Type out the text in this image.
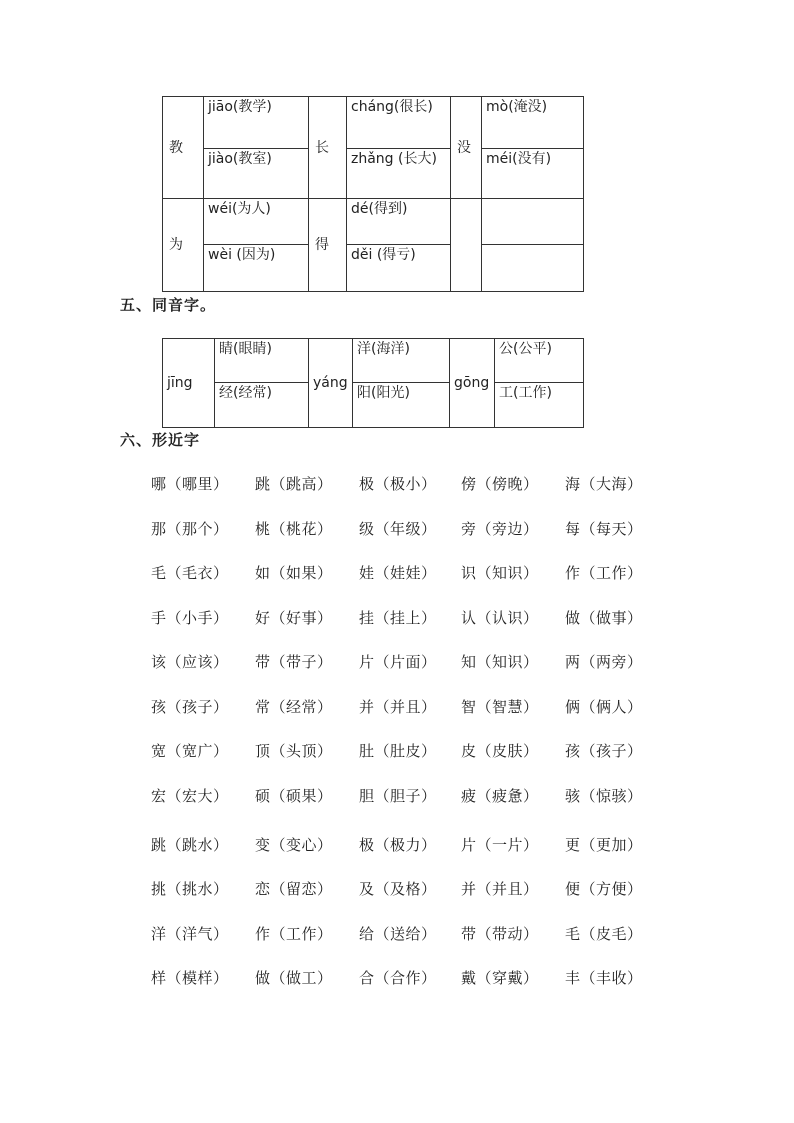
教	jiāo(教学)	长	cháng(很长)	没	mò(淹没)
	jiào(教室)		zhǎng (长大)		méi(没有)
为	wéi(为人)	得	dé(得到)		
	wèi (因为)		děi (得亏)		
五、同音字。
jīng	睛(眼睛)	yáng	洋(海洋)	gōng	公(公平)
	经(经常)		阳(阳光)		工(工作)
六、形近字
哪（哪里） 跳（跳高） 极（极小） 傍（傍晚） 海（大海）
那（那个） 桃（桃花） 级（年级） 旁（旁边） 每（每天）
毛（毛衣） 如（如果） 娃（娃娃） 识（知识） 作（工作）
手（小手） 好（好事） 挂（挂上） 认（认识） 做（做事）
该（应该） 带（带子） 片（片面） 知（知识） 两（两旁）
孩（孩子） 常（经常） 并（并且） 智（智慧） 俩（俩人）
宽（宽广） 顶（头顶） 肚（肚皮） 皮（皮肤） 孩（孩子）
宏（宏大） 硕（硕果） 胆（胆子） 疲（疲惫） 骇（惊骇）
跳（跳水） 变（变心） 极（极力） 片（一片） 更（更加）
挑（挑水） 恋（留恋） 及（及格） 并（并且） 便（方便）
洋（洋气） 作（工作） 给（送给） 带（带动） 毛（皮毛）
样（模样） 做（做工） 合（合作） 戴（穿戴） 丰（丰收）
